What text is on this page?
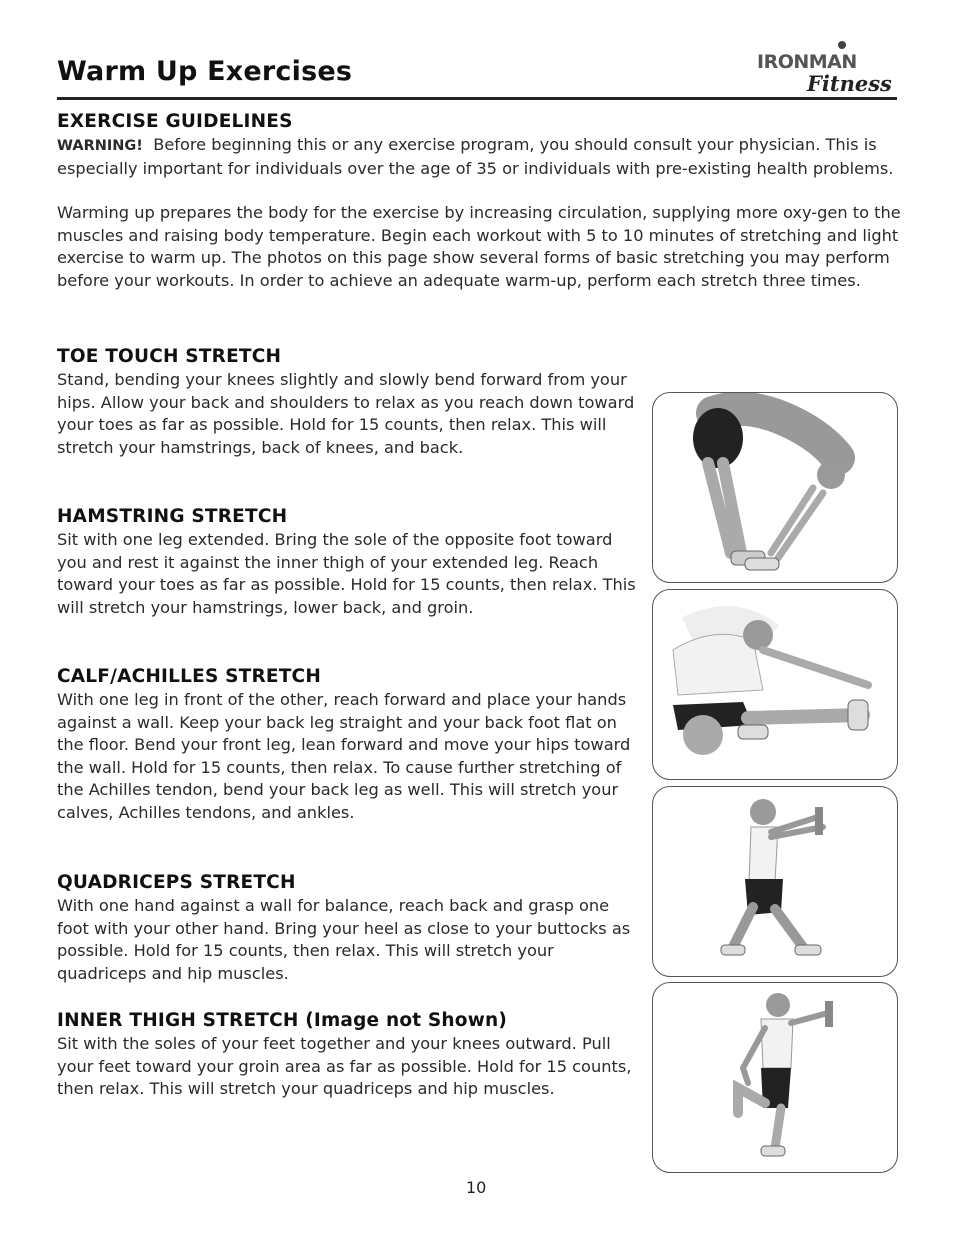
Warm Up Exercises	IRONMAN
Fitness
EXERCISE GUIDELINES

WARNING! Before beginning this or any exercise program, you should consult your physician. This is especially important for individuals over the age of 35 or individuals with pre-existing health problems.

Warming up prepares the body for the exercise by increasing circulation, supplying more oxy-gen to the muscles and raising body temperature. Begin each workout with 5 to 10 minutes of stretching and light exercise to warm up. The photos on this page show several forms of basic stretching you may perform before your workouts. In order to achieve an adequate warm-up, perform each stretch three times.

TOE TOUCH STRETCH

Stand, bending your knees slightly and slowly bend forward from your hips. Allow your back and shoulders to relax as you reach down toward your toes as far as possible. Hold for 15 counts, then relax. This will stretch your hamstrings, back of knees, and back.

HAMSTRING STRETCH

Sit with one leg extended. Bring the sole of the opposite foot toward you and rest it against the inner thigh of your extended leg. Reach toward your toes as far as possible. Hold for 15 counts, then relax. This will stretch your hamstrings, lower back, and groin.

CALF/ACHILLES STRETCH

With one leg in front of the other, reach forward and place your hands against a wall. Keep your back leg straight and your back foot flat on the floor. Bend your front leg, lean forward and move your hips toward the wall. Hold for 15 counts, then relax. To cause further stretching of the Achilles tendon, bend your back leg as well. This will stretch your calves, Achilles tendons, and ankles.

QUADRICEPS STRETCH

With one hand against a wall for balance, reach back and grasp one foot with your other hand. Bring your heel as close to your buttocks as possible. Hold for 15 counts, then relax. This will stretch your quadriceps and hip muscles.

INNER THIGH STRETCH (Image not Shown)

Sit with the soles of your feet together and your knees outward. Pull your feet toward your groin area as far as possible. Hold for 15 counts, then relax. This will stretch your quadriceps and hip muscles.

10
